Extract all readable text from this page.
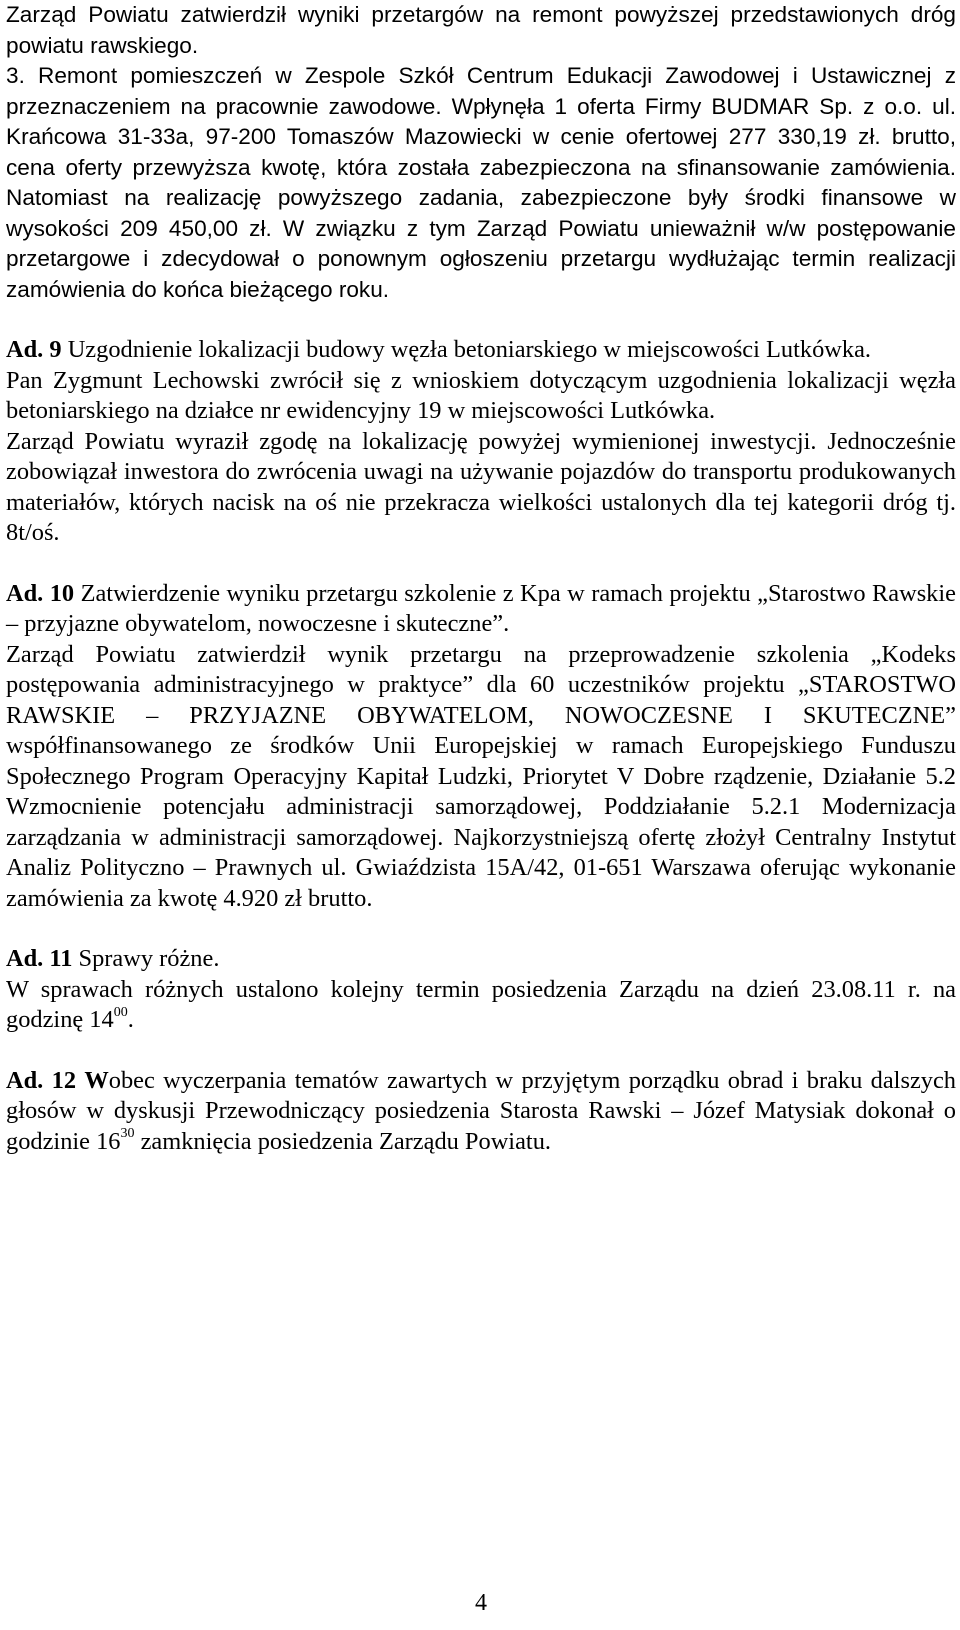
Zarząd Powiatu zatwierdził wyniki przetargów na remont powyższej przedstawionych dróg powiatu rawskiego.

3. Remont pomieszczeń w Zespole Szkół Centrum Edukacji Zawodowej i Ustawicznej z przeznaczeniem na pracownie zawodowe. Wpłynęła 1 oferta Firmy BUDMAR Sp. z o.o. ul. Krańcowa 31-33a, 97-200 Tomaszów Mazowiecki w cenie ofertowej 277 330,19 zł. brutto, cena oferty przewyższa kwotę, która została zabezpieczona na sfinansowanie zamówienia. Natomiast na realizację powyższego zadania, zabezpieczone były środki finansowe w wysokości 209 450,00 zł. W związku z tym Zarząd Powiatu unieważnił w/w postępowanie przetargowe i zdecydował o ponownym ogłoszeniu przetargu wydłużając termin realizacji zamówienia do końca bieżącego roku.

Ad. 9 Uzgodnienie lokalizacji budowy węzła betoniarskiego w miejscowości Lutkówka.

Pan Zygmunt Lechowski zwrócił się z wnioskiem dotyczącym uzgodnienia lokalizacji węzła betoniarskiego na działce nr ewidencyjny 19 w miejscowości Lutkówka.

Zarząd Powiatu wyraził zgodę na lokalizację powyżej wymienionej inwestycji. Jednocześnie zobowiązał inwestora do zwrócenia uwagi na używanie pojazdów do transportu produkowanych materiałów, których nacisk na oś nie przekracza wielkości ustalonych dla tej kategorii dróg tj. 8t/oś.

Ad. 10 Zatwierdzenie wyniku przetargu szkolenie z Kpa w ramach projektu „Starostwo Rawskie – przyjazne obywatelom, nowoczesne i skuteczne”.

Zarząd Powiatu zatwierdził wynik przetargu na przeprowadzenie szkolenia „Kodeks postępowania administracyjnego w praktyce” dla 60 uczestników projektu „STAROSTWO RAWSKIE – PRZYJAZNE OBYWATELOM, NOWOCZESNE I SKUTECZNE” współfinansowanego ze środków Unii Europejskiej w ramach Europejskiego Funduszu Społecznego Program Operacyjny Kapitał Ludzki, Priorytet V Dobre rządzenie, Działanie 5.2 Wzmocnienie potencjału administracji samorządowej, Poddziałanie 5.2.1 Modernizacja zarządzania w administracji samorządowej. Najkorzystniejszą ofertę złożył Centralny Instytut Analiz Polityczno – Prawnych ul. Gwiaździsta 15A/42, 01-651 Warszawa oferując wykonanie zamówienia za kwotę 4.920 zł brutto.

Ad. 11 Sprawy różne.

W sprawach różnych ustalono kolejny termin posiedzenia Zarządu na dzień 23.08.11 r. na godzinę $14^{00}$.

Ad. 12 Wobec wyczerpania tematów zawartych w przyjętym porządku obrad i braku dalszych głosów w dyskusji Przewodniczący posiedzenia Starosta Rawski – Józef Matysiak dokonał o godzinie $16^{30}$ zamknięcia posiedzenia Zarządu Powiatu.

4
